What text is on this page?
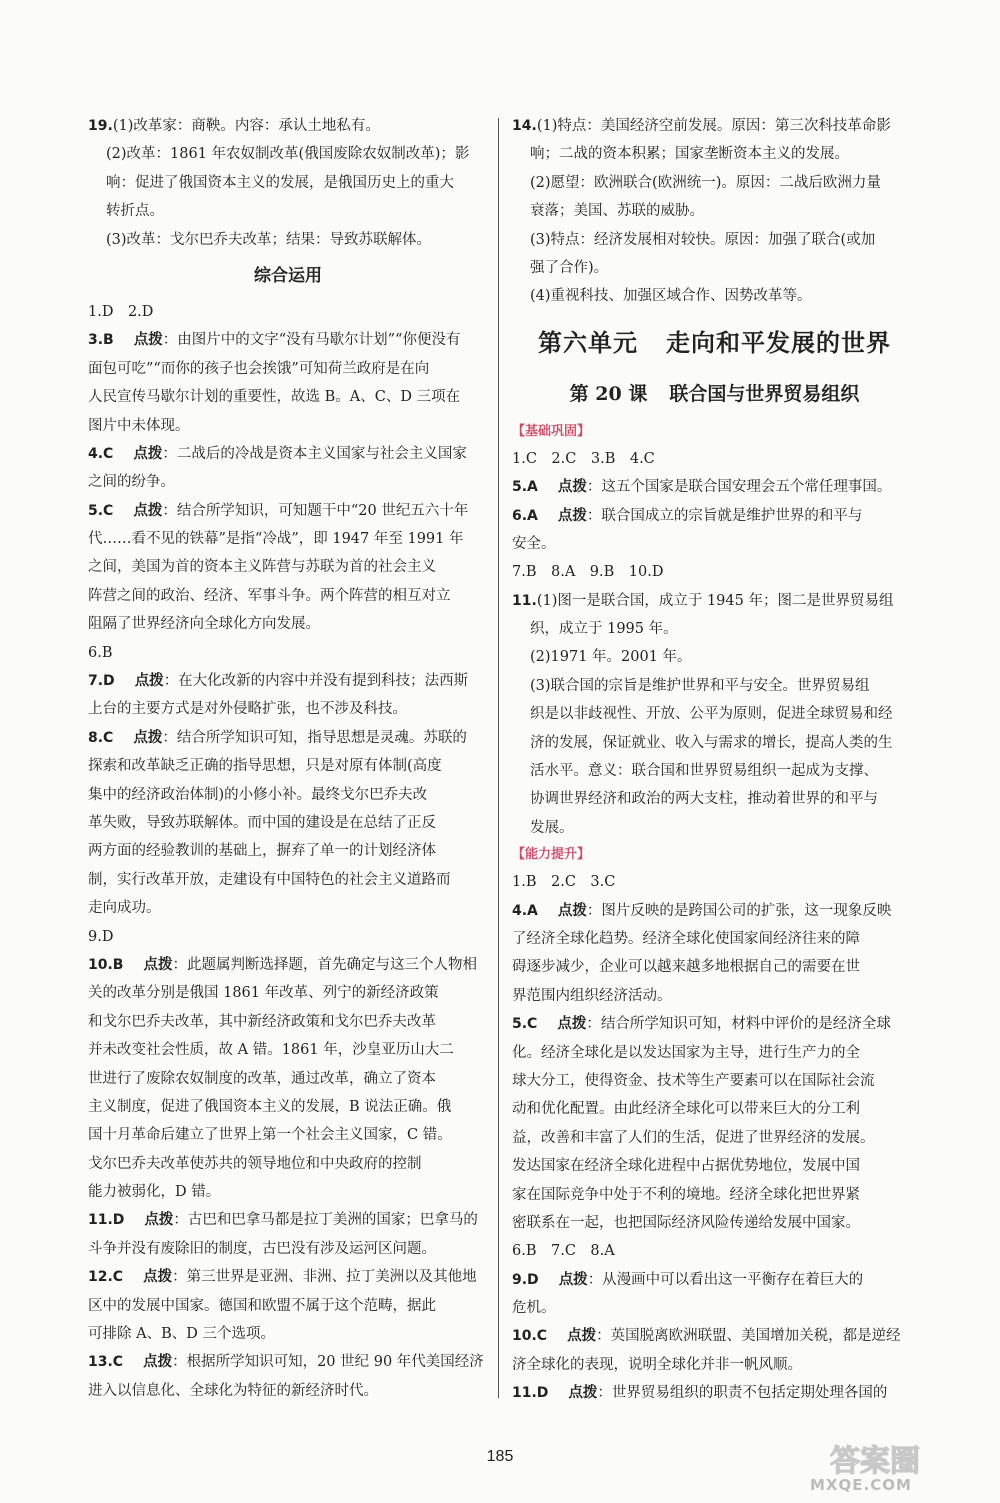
19.(1)改革家：商鞅。内容：承认土地私有。
(2)改革：1861 年农奴制改革(俄国废除农奴制改革)；影
响：促进了俄国资本主义的发展，是俄国历史上的重大
转折点。
(3)改革：戈尔巴乔夫改革；结果：导致苏联解体。
综合运用
1.D　2.D
3.B 点拨：由图片中的文字“没有马歇尔计划”“你便没有
面包可吃”“而你的孩子也会挨饿”可知荷兰政府是在向
人民宣传马歇尔计划的重要性，故选 B。A、C、D 三项在
图片中未体现。
4.C 点拨：二战后的冷战是资本主义国家与社会主义国家
之间的纷争。
5.C 点拨：结合所学知识，可知题干中“20 世纪五六十年
代……看不见的铁幕”是指“冷战”，即 1947 年至 1991 年
之间，美国为首的资本主义阵营与苏联为首的社会主义
阵营之间的政治、经济、军事斗争。两个阵营的相互对立
阻隔了世界经济向全球化方向发展。
6.B
7.D 点拨：在大化改新的内容中并没有提到科技；法西斯
上台的主要方式是对外侵略扩张，也不涉及科技。
8.C 点拨：结合所学知识可知，指导思想是灵魂。苏联的
探索和改革缺乏正确的指导思想，只是对原有体制(高度
集中的经济政治体制)的小修小补。最终戈尔巴乔夫改
革失败，导致苏联解体。而中国的建设是在总结了正反
两方面的经验教训的基础上，摒弃了单一的计划经济体
制，实行改革开放，走建设有中国特色的社会主义道路而
走向成功。
9.D
10.B 点拨：此题属判断选择题，首先确定与这三个人物相
关的改革分别是俄国 1861 年改革、列宁的新经济政策
和戈尔巴乔夫改革，其中新经济政策和戈尔巴乔夫改革
并未改变社会性质，故 A 错。1861 年，沙皇亚历山大二
世进行了废除农奴制度的改革，通过改革，确立了资本
主义制度，促进了俄国资本主义的发展，B 说法正确。俄
国十月革命后建立了世界上第一个社会主义国家，C 错。
戈尔巴乔夫改革使苏共的领导地位和中央政府的控制
能力被弱化，D 错。
11.D 点拨：古巴和巴拿马都是拉丁美洲的国家；巴拿马的
斗争并没有废除旧的制度，古巴没有涉及运河区问题。
12.C 点拨：第三世界是亚洲、非洲、拉丁美洲以及其他地
区中的发展中国家。德国和欧盟不属于这个范畴，据此
可排除 A、B、D 三个选项。
13.C 点拨：根据所学知识可知，20 世纪 90 年代美国经济
进入以信息化、全球化为特征的新经济时代。
14.(1)特点：美国经济空前发展。原因：第三次科技革命影
响；二战的资本积累；国家垄断资本主义的发展。
(2)愿望：欧洲联合(欧洲统一)。原因：二战后欧洲力量
衰落；美国、苏联的威胁。
(3)特点：经济发展相对较快。原因：加强了联合(或加
强了合作)。
(4)重视科技、加强区域合作、因势改革等。
第六单元 走向和平发展的世界
第 20 课 联合国与世界贸易组织
【基础巩固】
1.C　2.C　3.B　4.C
5.A 点拨：这五个国家是联合国安理会五个常任理事国。
6.A 点拨：联合国成立的宗旨就是维护世界的和平与
安全。
7.B　8.A　9.B　10.D
11.(1)图一是联合国，成立于 1945 年；图二是世界贸易组
织，成立于 1995 年。
(2)1971 年。2001 年。
(3)联合国的宗旨是维护世界和平与安全。世界贸易组
织是以非歧视性、开放、公平为原则，促进全球贸易和经
济的发展，保证就业、收入与需求的增长，提高人类的生
活水平。意义：联合国和世界贸易组织一起成为支撑、
协调世界经济和政治的两大支柱，推动着世界的和平与
发展。
【能力提升】
1.B　2.C　3.C
4.A 点拨：图片反映的是跨国公司的扩张，这一现象反映
了经济全球化趋势。经济全球化使国家间经济往来的障
碍逐步减少，企业可以越来越多地根据自己的需要在世
界范围内组织经济活动。
5.C 点拨：结合所学知识可知，材料中评价的是经济全球
化。经济全球化是以发达国家为主导，进行生产力的全
球大分工，使得资金、技术等生产要素可以在国际社会流
动和优化配置。由此经济全球化可以带来巨大的分工利
益，改善和丰富了人们的生活，促进了世界经济的发展。
发达国家在经济全球化进程中占据优势地位，发展中国
家在国际竞争中处于不利的境地。经济全球化把世界紧
密联系在一起，也把国际经济风险传递给发展中国家。
6.B　7.C　8.A
9.D 点拨：从漫画中可以看出这一平衡存在着巨大的
危机。
10.C 点拨：英国脱离欧洲联盟、美国增加关税，都是逆经
济全球化的表现，说明全球化并非一帆风顺。
11.D 点拨：世界贸易组织的职责不包括定期处理各国的
185	答案圈
MXQE.COM
